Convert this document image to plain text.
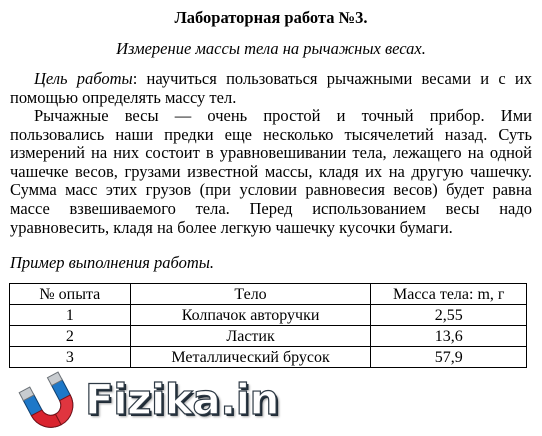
Лабораторная работа №3.
Измерение массы тела на рычажных весах.

Цель работы: научиться пользоваться рычажными весами и с их помощью определять массу тел.

Рычажные весы — очень простой и точный прибор. Ими пользовались наши предки еще несколько тысячелетий назад. Суть измерений на них состоит в уравновешивании тела, лежащего на одной чашечке весов, грузами известной массы, кладя их на другую чашечку. Сумма масс этих грузов (при условии равновесия весов) будет равна массе взвешиваемого тела. Перед использованием весы надо уравновесить, кладя на более легкую чашечку кусочки бумаги.

Пример выполнения работы.

№ опыта	Тело	Масса тела: m, г
1	Колпачок авторучки	2,55
2	Ластик	13,6
3	Металлический брусок	57,9
Fizika.in
